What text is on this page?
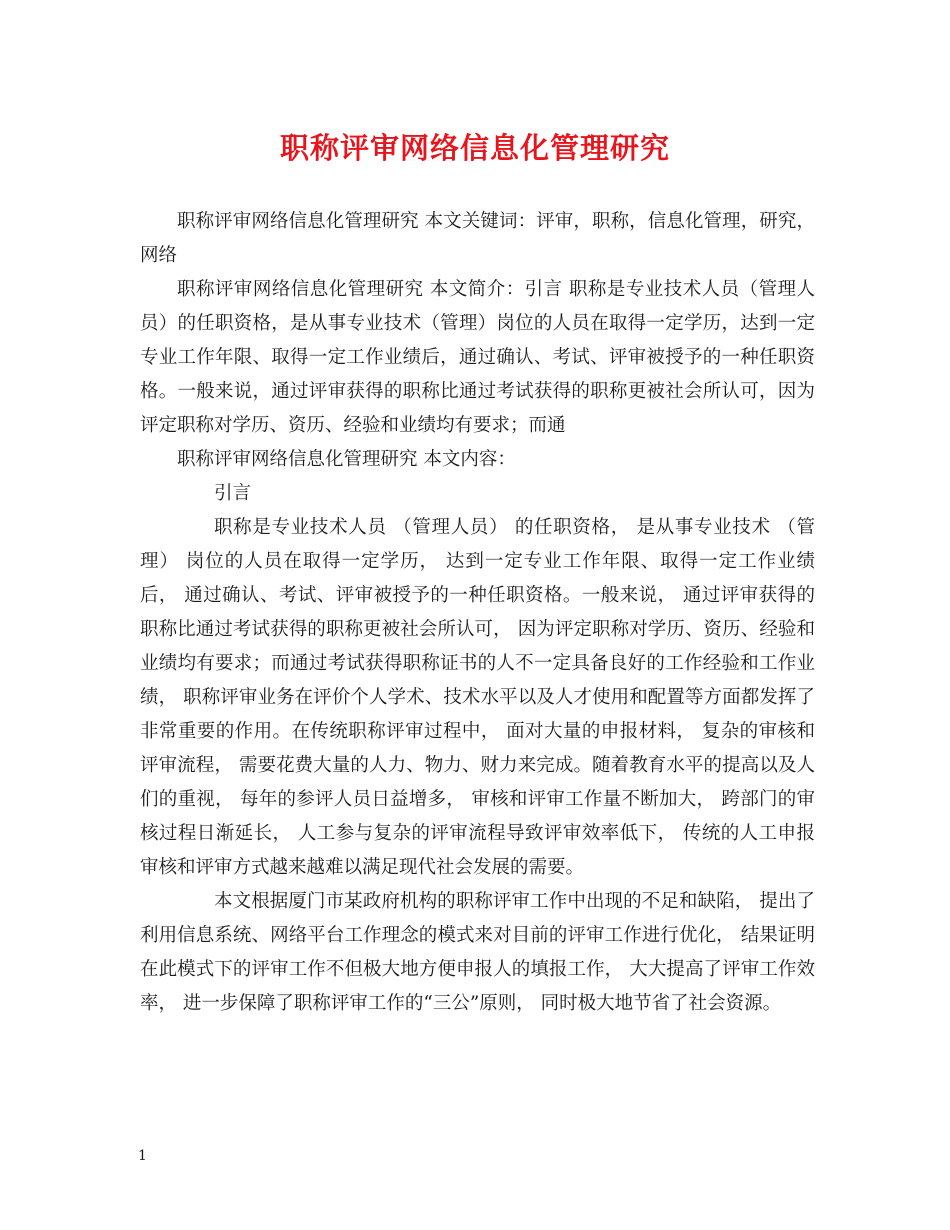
职称评审网络信息化管理研究

职称评审网络信息化管理研究 本文关键词：评审，职称，信息化管理，研究，网络

职称评审网络信息化管理研究 本文简介：引言 职称是专业技术人员（管理人员）的任职资格，是从事专业技术（管理）岗位的人员在取得一定学历，达到一定专业工作年限、取得一定工作业绩后，通过确认、考试、评审被授予的一种任职资格。一般来说，通过评审获得的职称比通过考试获得的职称更被社会所认可，因为评定职称对学历、资历、经验和业绩均有要求；而通

职称评审网络信息化管理研究 本文内容：

引言

职称是专业技术人员 （管理人员） 的任职资格， 是从事专业技术 （管理） 岗位的人员在取得一定学历， 达到一定专业工作年限、取得一定工作业绩后， 通过确认、考试、评审被授予的一种任职资格。一般来说， 通过评审获得的职称比通过考试获得的职称更被社会所认可， 因为评定职称对学历、资历、经验和业绩均有要求；而通过考试获得职称证书的人不一定具备良好的工作经验和工作业绩， 职称评审业务在评价个人学术、技术水平以及人才使用和配置等方面都发挥了非常重要的作用。在传统职称评审过程中， 面对大量的申报材料， 复杂的审核和评审流程， 需要花费大量的人力、物力、财力来完成。随着教育水平的提高以及人们的重视， 每年的参评人员日益增多， 审核和评审工作量不断加大， 跨部门的审核过程日渐延长， 人工参与复杂的评审流程导致评审效率低下， 传统的人工申报审核和评审方式越来越难以满足现代社会发展的需要。

本文根据厦门市某政府机构的职称评审工作中出现的不足和缺陷， 提出了利用信息系统、网络平台工作理念的模式来对目前的评审工作进行优化， 结果证明在此模式下的评审工作不但极大地方便申报人的填报工作， 大大提高了评审工作效率， 进一步保障了职称评审工作的“三公”原则， 同时极大地节省了社会资源。

1
